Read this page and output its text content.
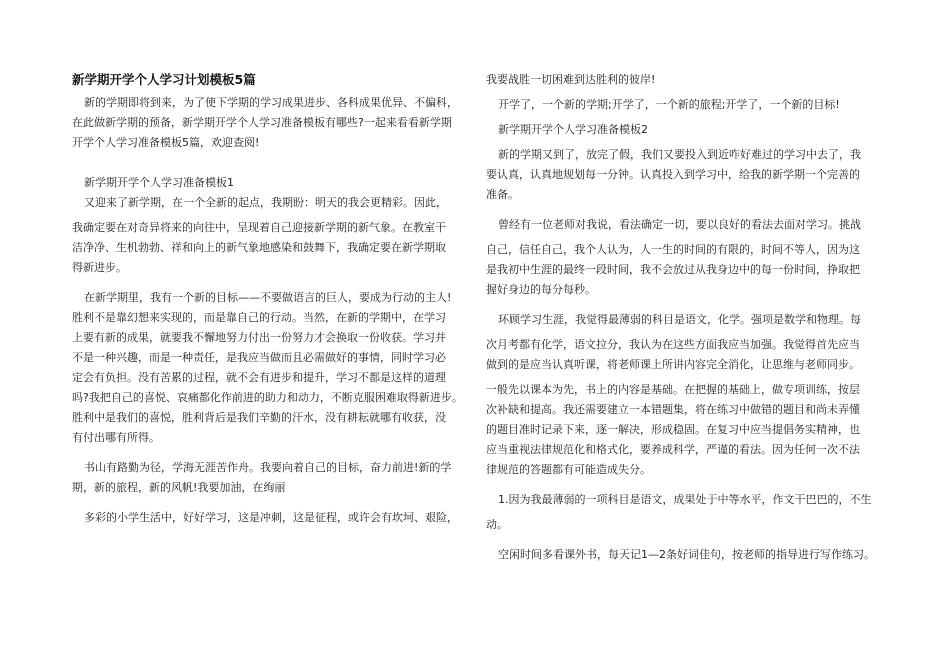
新学期开学个人学习计划模板5篇
新的学期即将到来，为了使下学期的学习成果进步、各科成果优异、不偏科，
在此做新学期的预备，新学期开学个人学习准备模板有哪些?一起来看看新学期
开学个人学习准备模板5篇，欢迎查阅!
新学期开学个人学习准备模板1
又迎来了新学期，在一个全新的起点，我期盼：明天的我会更精彩。因此，
我确定要在对奇异将来的向往中，呈现着自己迎接新学期的新气象。在教室干
洁净净、生机勃勃、祥和向上的新气象地感染和鼓舞下，我确定要在新学期取
得新进步。
在新学期里，我有一个新的目标——不要做语言的巨人，要成为行动的主人!
胜利不是靠幻想来实现的，而是靠自己的行动。当然，在新的学期中，在学习
上要有新的成果，就要我不懈地努力付出一份努力才会换取一份收获。学习并
不是一种兴趣，而是一种责任，是我应当做而且必需做好的事情，同时学习必
定会有负担。没有苦累的过程，就不会有进步和提升，学习不都是这样的道理
吗?我把自己的喜悦、哀痛都化作前进的助力和动力，不断克服困难取得新进步。
胜利中是我们的喜悦，胜利背后是我们辛勤的汗水，没有耕耘就哪有收获，没
有付出哪有所得。
书山有路勤为径，学海无涯苦作舟。我要向着自己的目标，奋力前进!新的学
期，新的旅程，新的风帆!我要加油，在绚丽
多彩的小学生活中，好好学习，这是冲刺，这是征程，或许会有坎坷、艰险，
我要战胜一切困难到达胜利的彼岸!
开学了，一个新的学期;开学了，一个新的旅程;开学了，一个新的目标!
新学期开学个人学习准备模板2
新的学期又到了，放完了假，我们又要投入到近咋好难过的学习中去了，我
要认真，认真地规划每一分钟。认真投入到学习中，给我的新学期一个完善的
准备。
曾经有一位老师对我说，看法确定一切，要以良好的看法去面对学习。挑战
自己，信任自己，我个人认为，人一生的时间的有限的，时间不等人，因为这
是我初中生涯的最终一段时间，我不会放过从我身边中的每一份时间，挣取把
握好身边的每分每秒。
环顾学习生涯，我觉得最薄弱的科目是语文，化学。强项是数学和物理。每
次月考都有化学，语文拉分，我认为在这些方面我应当加强。我觉得首先应当
做到的是应当认真听课，将老师课上所讲内容完全消化，让思维与老师同步。
一般先以课本为先，书上的内容是基础。在把握的基础上，做专项训练，按层
次补缺和提高。我还需要建立一本错题集，将在练习中做错的题目和尚未弄懂
的题目准时记录下来，逐一解决，形成稳固。在复习中应当提倡务实精神，也
应当重视法律规范化和格式化，要养成科学，严谨的看法。因为任何一次不法
律规范的答题都有可能造成失分。
1.因为我最薄弱的一项科目是语文，成果处于中等水平，作文干巴巴的，不生
动。
空闲时间多看课外书，每天记1—2条好词佳句，按老师的指导进行写作练习。
